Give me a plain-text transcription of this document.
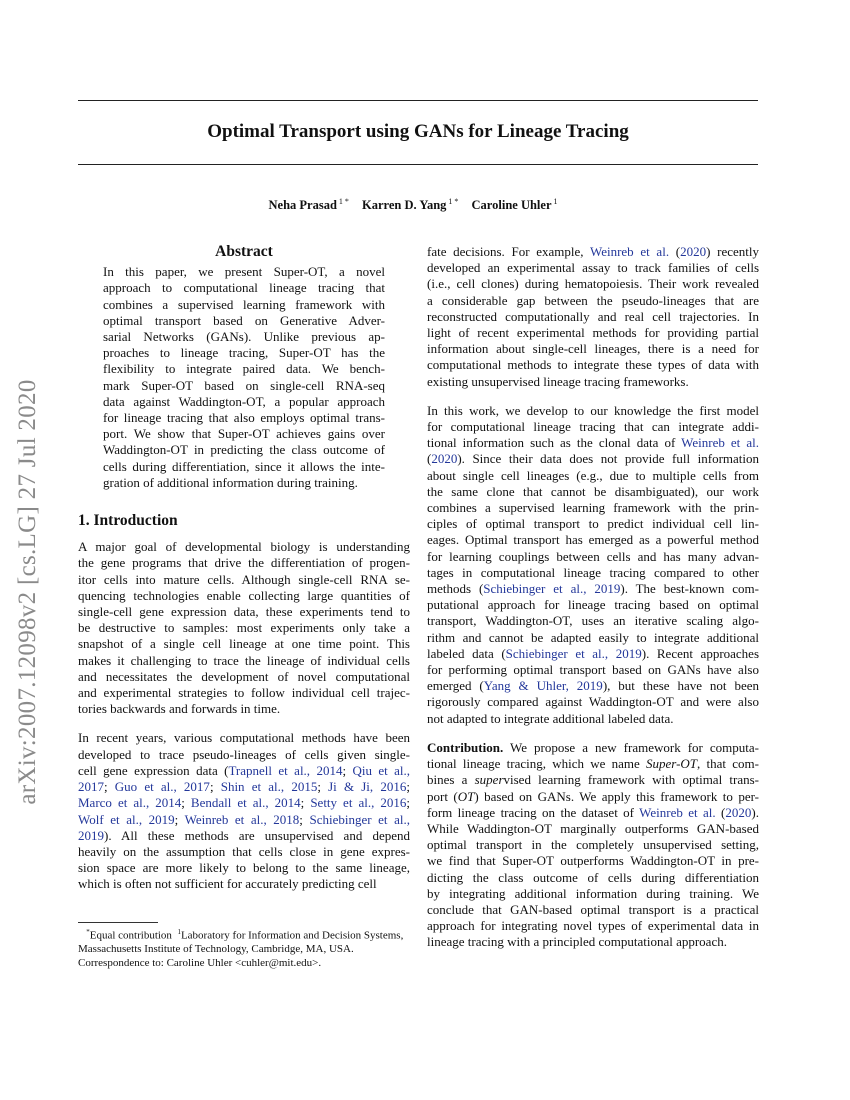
arXiv:2007.12098v2 [cs.LG] 27 Jul 2020
Optimal Transport using GANs for Lineage Tracing
Neha Prasad $^{1 *}$ Karren D. Yang $^{1 *}$ Caroline Uhler $^1$
Abstract
In this paper, we present Super-OT, a novel
approach to computational lineage tracing that
combines a supervised learning framework with
optimal transport based on Generative Adver-
sarial Networks (GANs). Unlike previous ap-
proaches to lineage tracing, Super-OT has the
flexibility to integrate paired data. We bench-
mark Super-OT based on single-cell RNA-seq
data against Waddington-OT, a popular approach
for lineage tracing that also employs optimal trans-
port. We show that Super-OT achieves gains over
Waddington-OT in predicting the class outcome of
cells during differentiation, since it allows the inte-
gration of additional information during training.
1. Introduction
A major goal of developmental biology is understanding
the gene programs that drive the differentiation of progen-
itor cells into mature cells. Although single-cell RNA se-
quencing technologies enable collecting large quantities of
single-cell gene expression data, these experiments tend to
be destructive to samples: most experiments only take a
snapshot of a single cell lineage at one time point. This
makes it challenging to trace the lineage of individual cells
and necessitates the development of novel computational
and experimental strategies to follow individual cell trajec-
tories backwards and forwards in time.
In recent years, various computational methods have been
developed to trace pseudo-lineages of cells given single-
cell gene expression data (Trapnell et al., 2014; Qiu et al.,
2017; Guo et al., 2017; Shin et al., 2015; Ji & Ji, 2016;
Marco et al., 2014; Bendall et al., 2014; Setty et al., 2016;
Wolf et al., 2019; Weinreb et al., 2018; Schiebinger et al.,
2019). All these methods are unsupervised and depend
heavily on the assumption that cells close in gene expres-
sion space are more likely to belong to the same lineage,
which is often not sufficient for accurately predicting cell
*Equal contribution $^1$Laboratory for Information and Decision Systems, Massachusetts Institute of Technology, Cambridge, MA, USA. Correspondence to: Caroline Uhler <cuhler@mit.edu>.
fate decisions. For example, Weinreb et al. (2020) recently
developed an experimental assay to track families of cells
(i.e., cell clones) during hematopoiesis. Their work revealed
a considerable gap between the pseudo-lineages that are
reconstructed computationally and real cell trajectories. In
light of recent experimental methods for providing partial
information about single-cell lineages, there is a need for
computational methods to integrate these types of data with
existing unsupervised lineage tracing frameworks.
In this work, we develop to our knowledge the first model
for computational lineage tracing that can integrate addi-
tional information such as the clonal data of Weinreb et al.
(2020). Since their data does not provide full information
about single cell lineages (e.g., due to multiple cells from
the same clone that cannot be disambiguated), our work
combines a supervised learning framework with the prin-
ciples of optimal transport to predict individual cell lin-
eages. Optimal transport has emerged as a powerful method
for learning couplings between cells and has many advan-
tages in computational lineage tracing compared to other
methods (Schiebinger et al., 2019). The best-known com-
putational approach for lineage tracing based on optimal
transport, Waddington-OT, uses an iterative scaling algo-
rithm and cannot be adapted easily to integrate additional
labeled data (Schiebinger et al., 2019). Recent approaches
for performing optimal transport based on GANs have also
emerged (Yang & Uhler, 2019), but these have not been
rigorously compared against Waddington-OT and were also
not adapted to integrate additional labeled data.
Contribution. We propose a new framework for computa-
tional lineage tracing, which we name Super-OT, that com-
bines a supervised learning framework with optimal trans-
port (OT) based on GANs. We apply this framework to per-
form lineage tracing on the dataset of Weinreb et al. (2020).
While Waddington-OT marginally outperforms GAN-based
optimal transport in the completely unsupervised setting,
we find that Super-OT outperforms Waddington-OT in pre-
dicting the class outcome of cells during differentiation
by integrating additional information during training. We
conclude that GAN-based optimal transport is a practical
approach for integrating novel types of experimental data in
lineage tracing with a principled computational approach.
